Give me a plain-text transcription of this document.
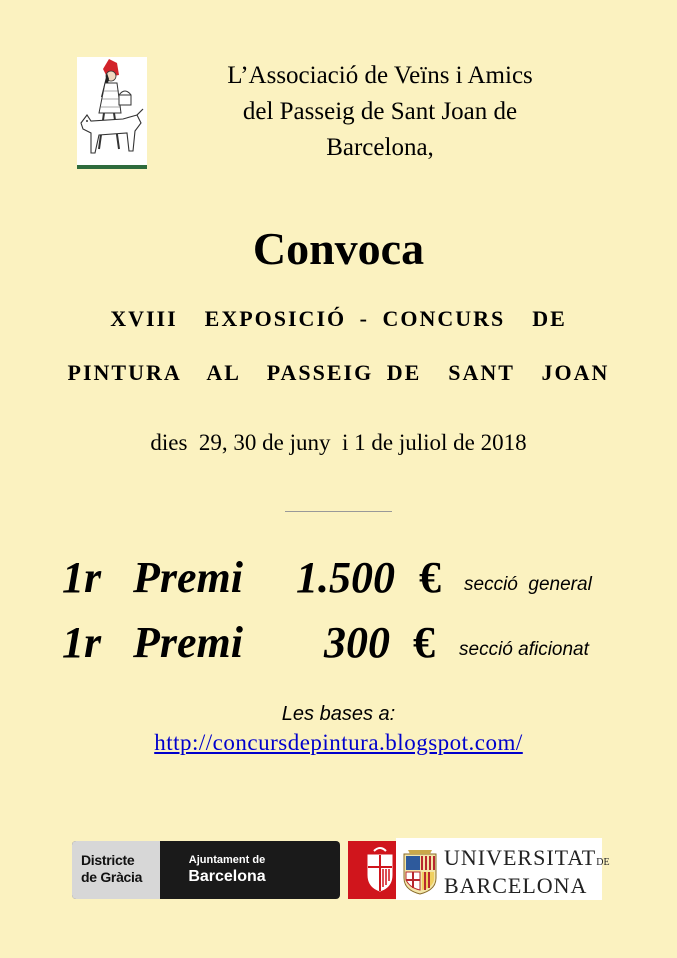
L’Associació de Veïns i Amics
del Passeig de Sant Joan de
Barcelona,
Convoca
XVIII  EXPOSICIÓ - CONCURS  DE
PINTURA  AL  PASSEIG DE  SANT  JOAN
dies  29, 30 de juny  i 1 de juliol de 2018
1r Premi 1.500 € secció  general
1r Premi 300 € secció aficionat
Les bases a:
http://concursdepintura.blogspot.com/
Districte
de Gràcia
Ajuntament de
Barcelona
UNIVERSITATDE
BARCELONA
